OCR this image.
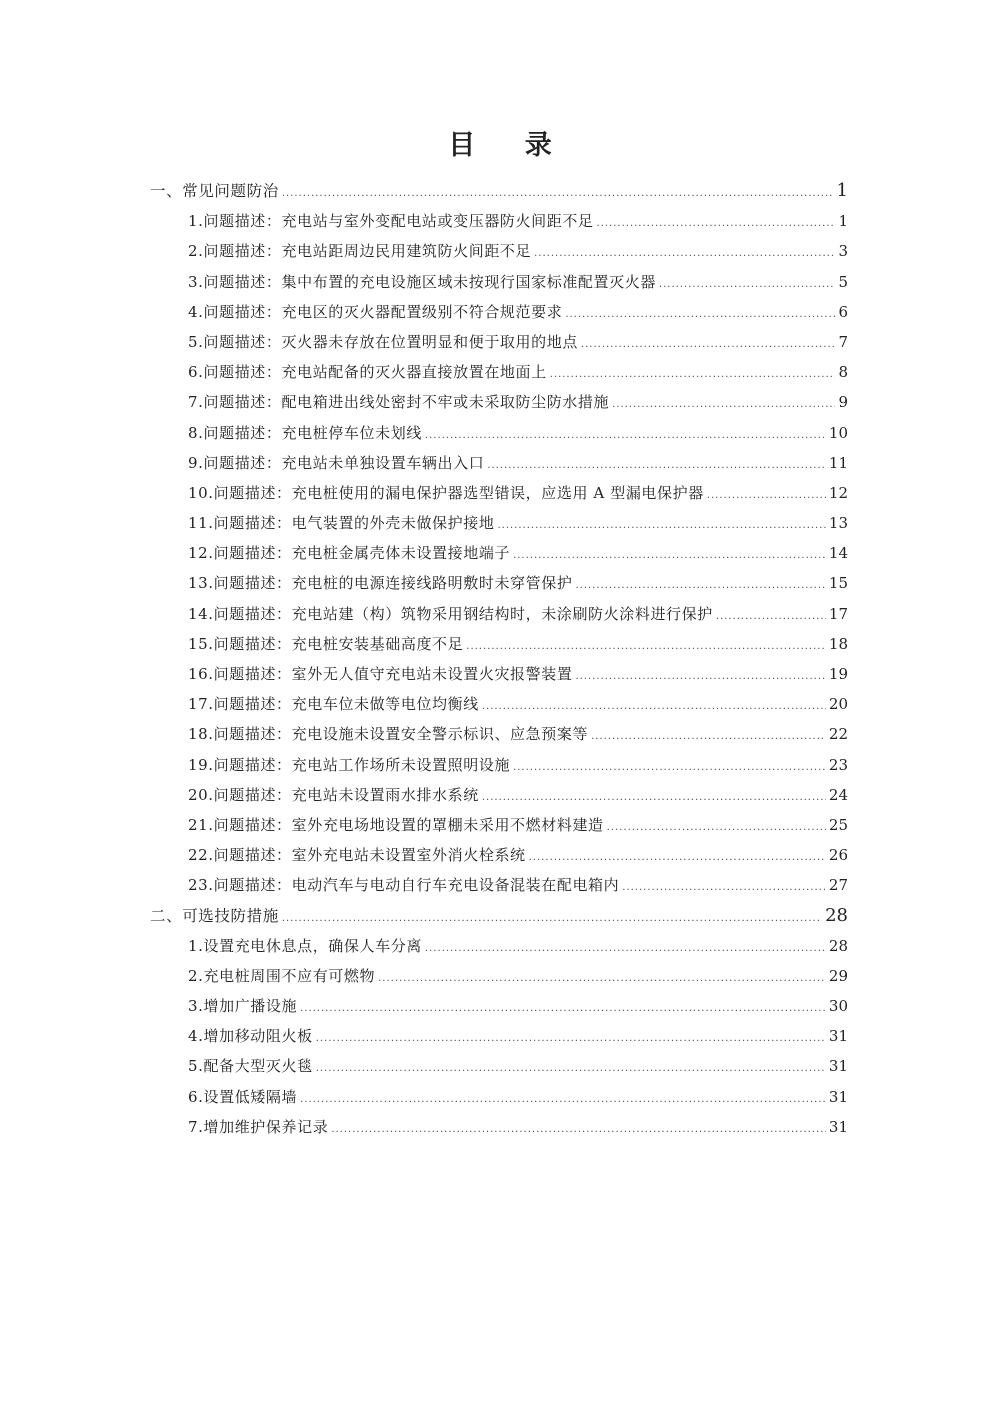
目 录
一、常见问题防治 .....	1
1.问题描述：充电站与室外变配电站或变压器防火间距不足 .....	1
2.问题描述：充电站距周边民用建筑防火间距不足 .....	3
3.问题描述：集中布置的充电设施区域未按现行国家标准配置灭火器 .....	5
4.问题描述：充电区的灭火器配置级别不符合规范要求 .....	6
5.问题描述：灭火器未存放在位置明显和便于取用的地点 .....	7
6.问题描述：充电站配备的灭火器直接放置在地面上 .....	8
7.问题描述：配电箱进出线处密封不牢或未采取防尘防水措施 .....	9
8.问题描述：充电桩停车位未划线 .....	10
9.问题描述：充电站未单独设置车辆出入口 .....	11
10.问题描述：充电桩使用的漏电保护器选型错误，应选用 A 型漏电保护器 .....	12
11.问题描述：电气装置的外壳未做保护接地 .....	13
12.问题描述：充电桩金属壳体未设置接地端子 .....	14
13.问题描述：充电桩的电源连接线路明敷时未穿管保护 .....	15
14.问题描述：充电站建（构）筑物采用钢结构时，未涂刷防火涂料进行保护 .....	17
15.问题描述：充电桩安装基础高度不足 .....	18
16.问题描述：室外无人值守充电站未设置火灾报警装置 .....	19
17.问题描述：充电车位未做等电位均衡线 .....	20
18.问题描述：充电设施未设置安全警示标识、应急预案等 .....	22
19.问题描述：充电站工作场所未设置照明设施 .....	23
20.问题描述：充电站未设置雨水排水系统 .....	24
21.问题描述：室外充电场地设置的罩棚未采用不燃材料建造 .....	25
22.问题描述：室外充电站未设置室外消火栓系统 .....	26
23.问题描述：电动汽车与电动自行车充电设备混装在配电箱内 .....	27
二、可选技防措施 .....	28
1.设置充电休息点，确保人车分离 .....	28
2.充电桩周围不应有可燃物 .....	29
3.增加广播设施 .....	30
4.增加移动阻火板 .....	31
5.配备大型灭火毯 .....	31
6.设置低矮隔墙 .....	31
7.增加维护保养记录 .....	31
